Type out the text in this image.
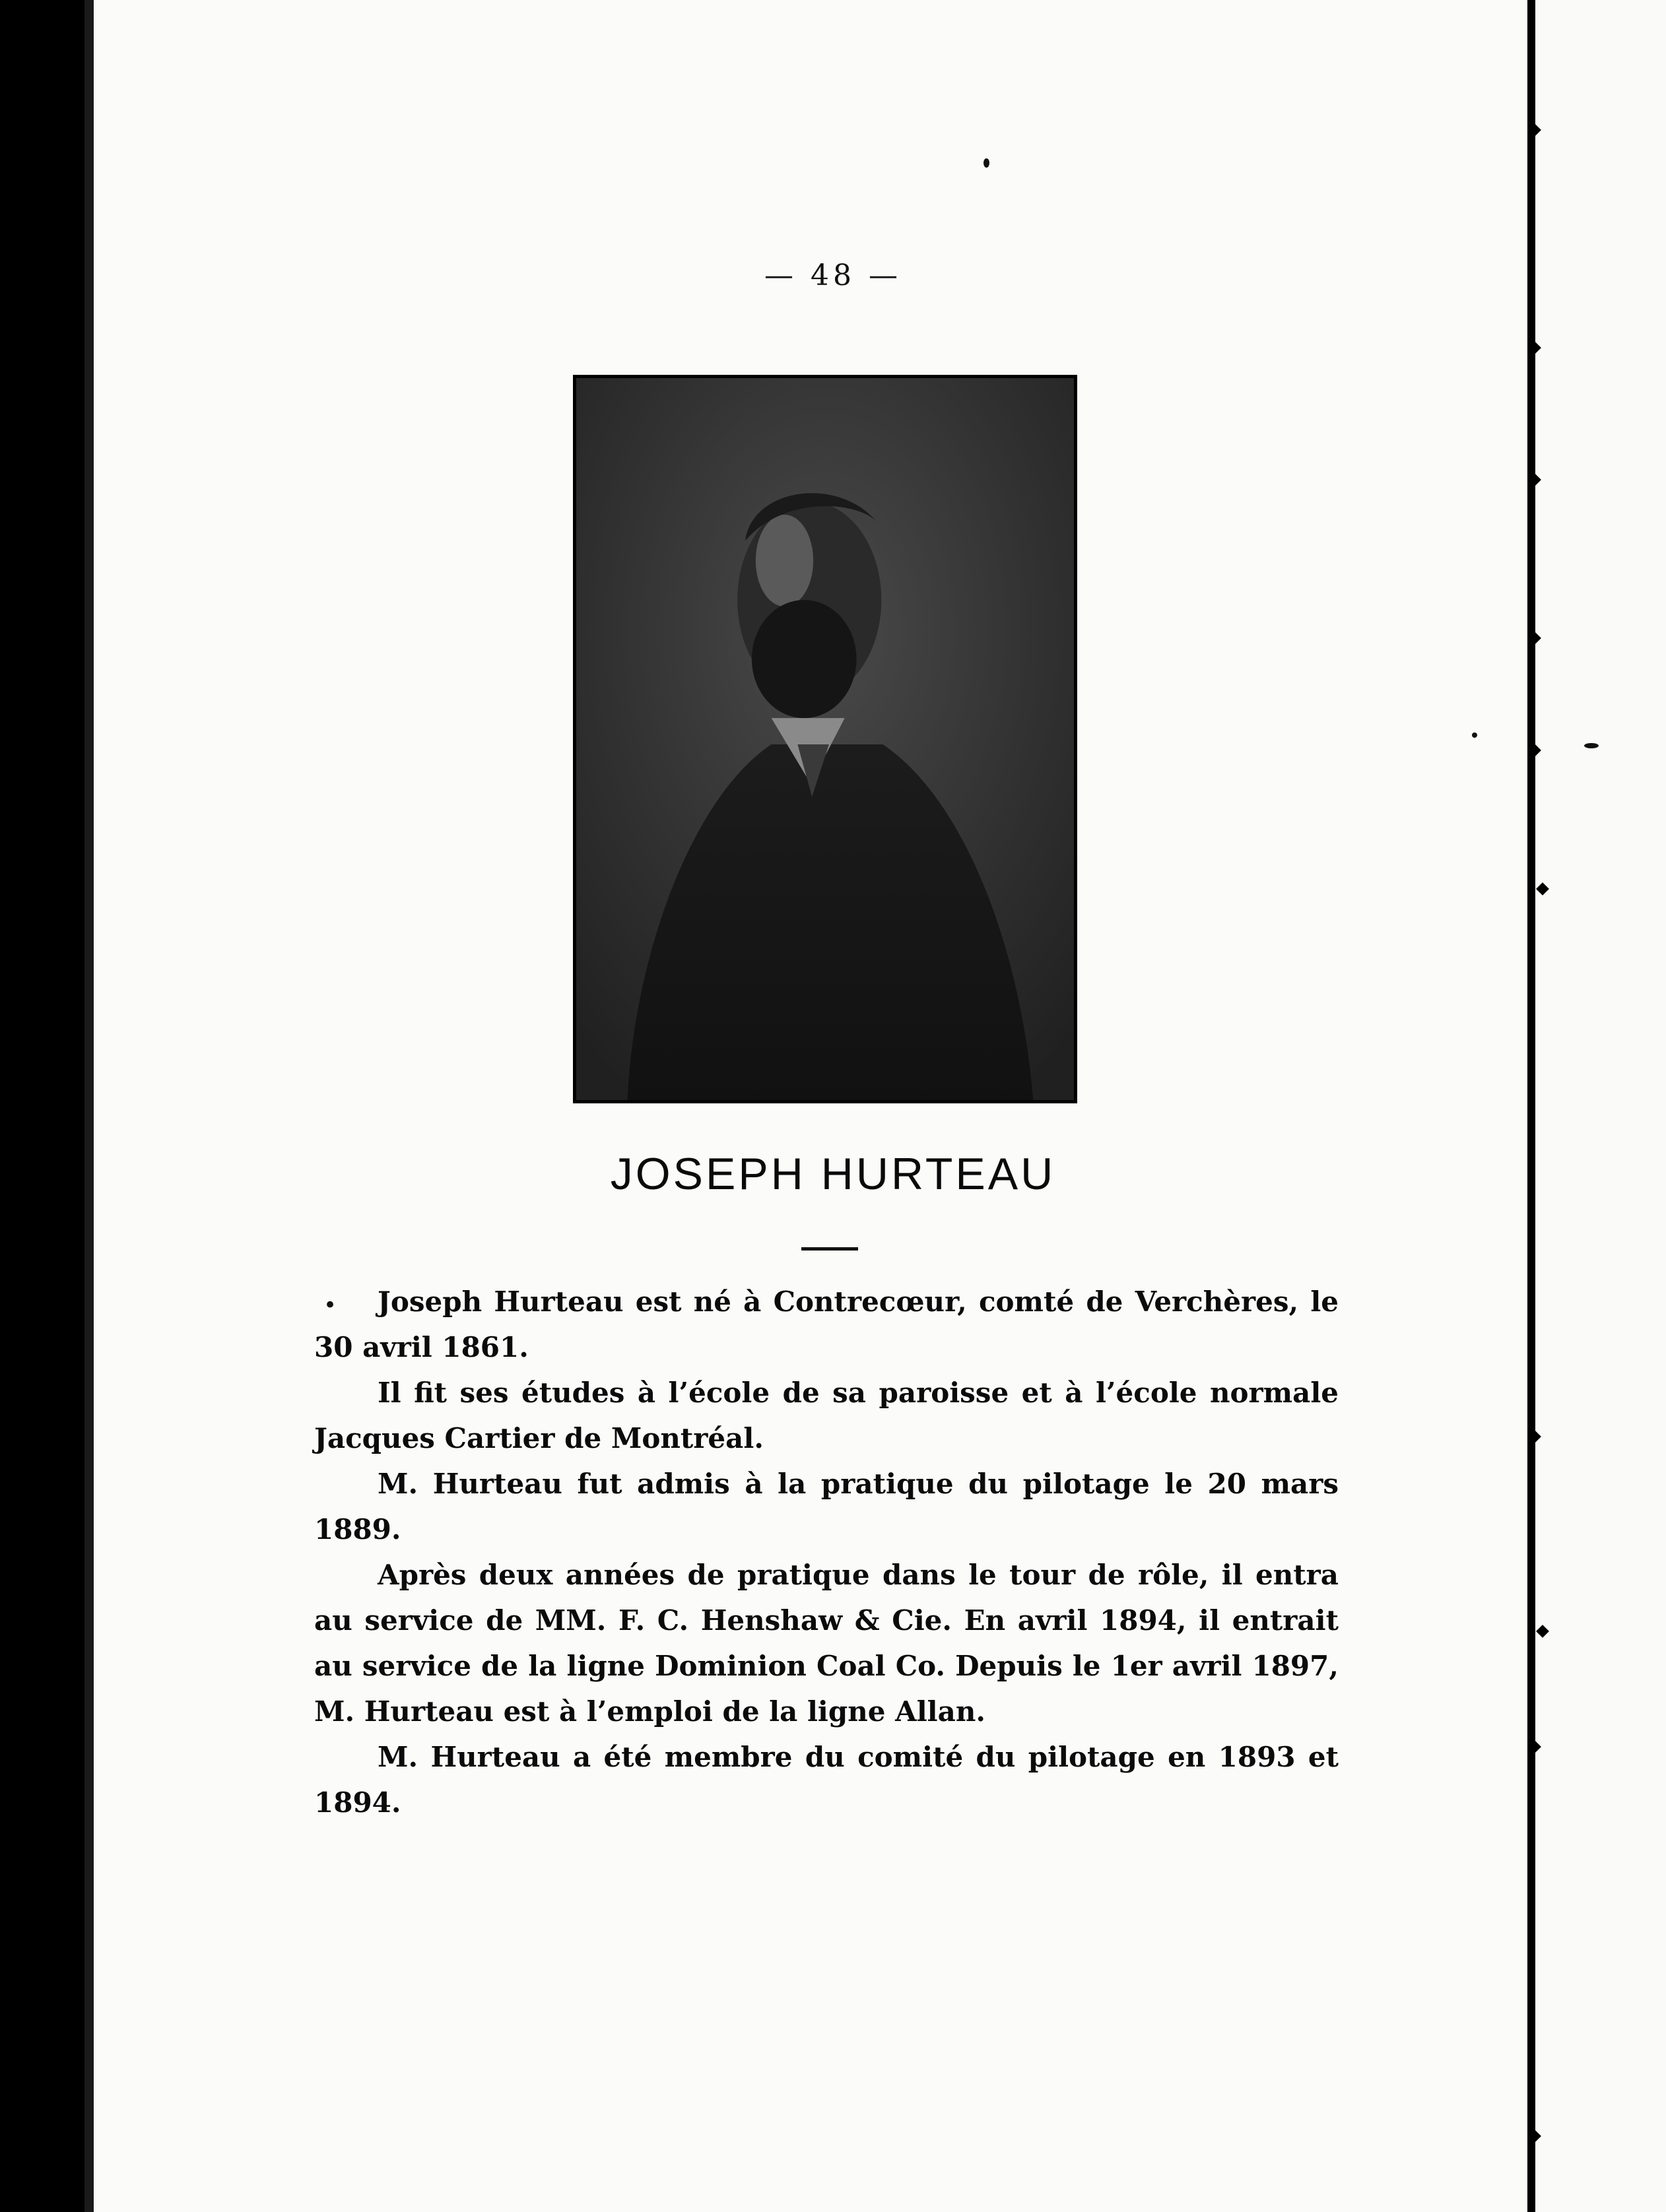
— 48 —
JOSEPH HURTEAU
•	Joseph Hurteau est né à Contrecœur, comté de Verchères, le 30 avril 1861.

Il fit ses études à l’école de sa paroisse et à l’école normale Jacques Cartier de Montréal.

M. Hurteau fut admis à la pratique du pilotage le 20 mars 1889.

Après deux années de pratique dans le tour de rôle, il entra au service de MM. F. C. Henshaw & Cie. En avril 1894, il entrait au service de la ligne Dominion Coal Co. Depuis le 1er avril 1897, M. Hurteau est à l’emploi de la ligne Allan.

M. Hurteau a été membre du comité du pilotage en 1893 et 1894.
